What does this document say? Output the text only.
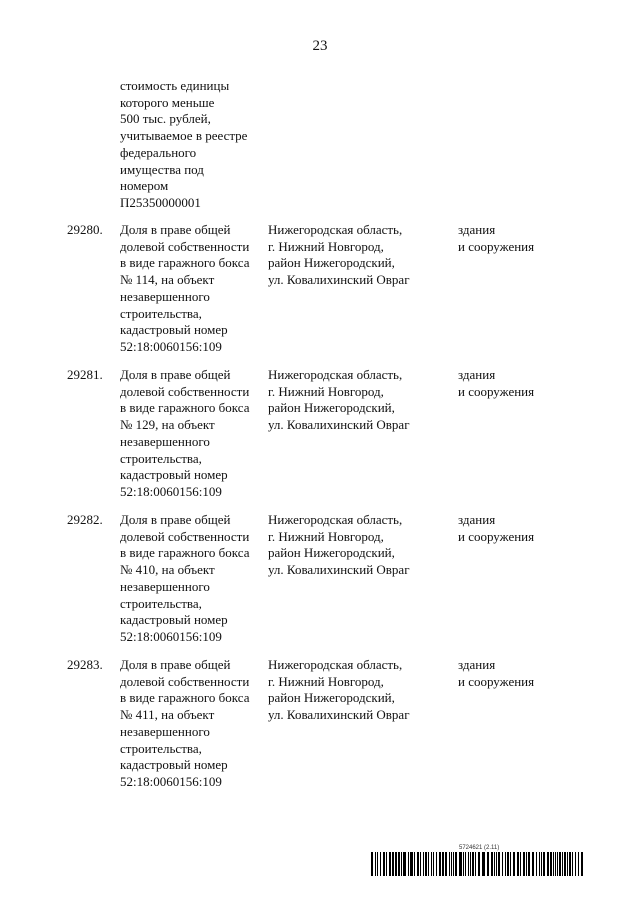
23
стоимость единицы
которого меньше
500 тыс. рублей,
учитываемое в реестре
федерального
имущества под
номером
П25350000001
29280. Доля в праве общей
долевой собственности
в виде гаражного бокса
№ 114, на объект
незавершенного
строительства,
кадастровый номер
52:18:0060156:109
Нижегородская область,
г. Нижний Новгород,
район Нижегородский,
ул. Ковалихинский Овраг
здания
и сооружения
29281. Доля в праве общей
долевой собственности
в виде гаражного бокса
№ 129, на объект
незавершенного
строительства,
кадастровый номер
52:18:0060156:109
Нижегородская область,
г. Нижний Новгород,
район Нижегородский,
ул. Ковалихинский Овраг
здания
и сооружения
29282. Доля в праве общей
долевой собственности
в виде гаражного бокса
№ 410, на объект
незавершенного
строительства,
кадастровый номер
52:18:0060156:109
Нижегородская область,
г. Нижний Новгород,
район Нижегородский,
ул. Ковалихинский Овраг
здания
и сооружения
29283. Доля в праве общей
долевой собственности
в виде гаражного бокса
№ 411, на объект
незавершенного
строительства,
кадастровый номер
52:18:0060156:109
Нижегородская область,
г. Нижний Новгород,
район Нижегородский,
ул. Ковалихинский Овраг
здания
и сооружения
5724621 (2.11)
